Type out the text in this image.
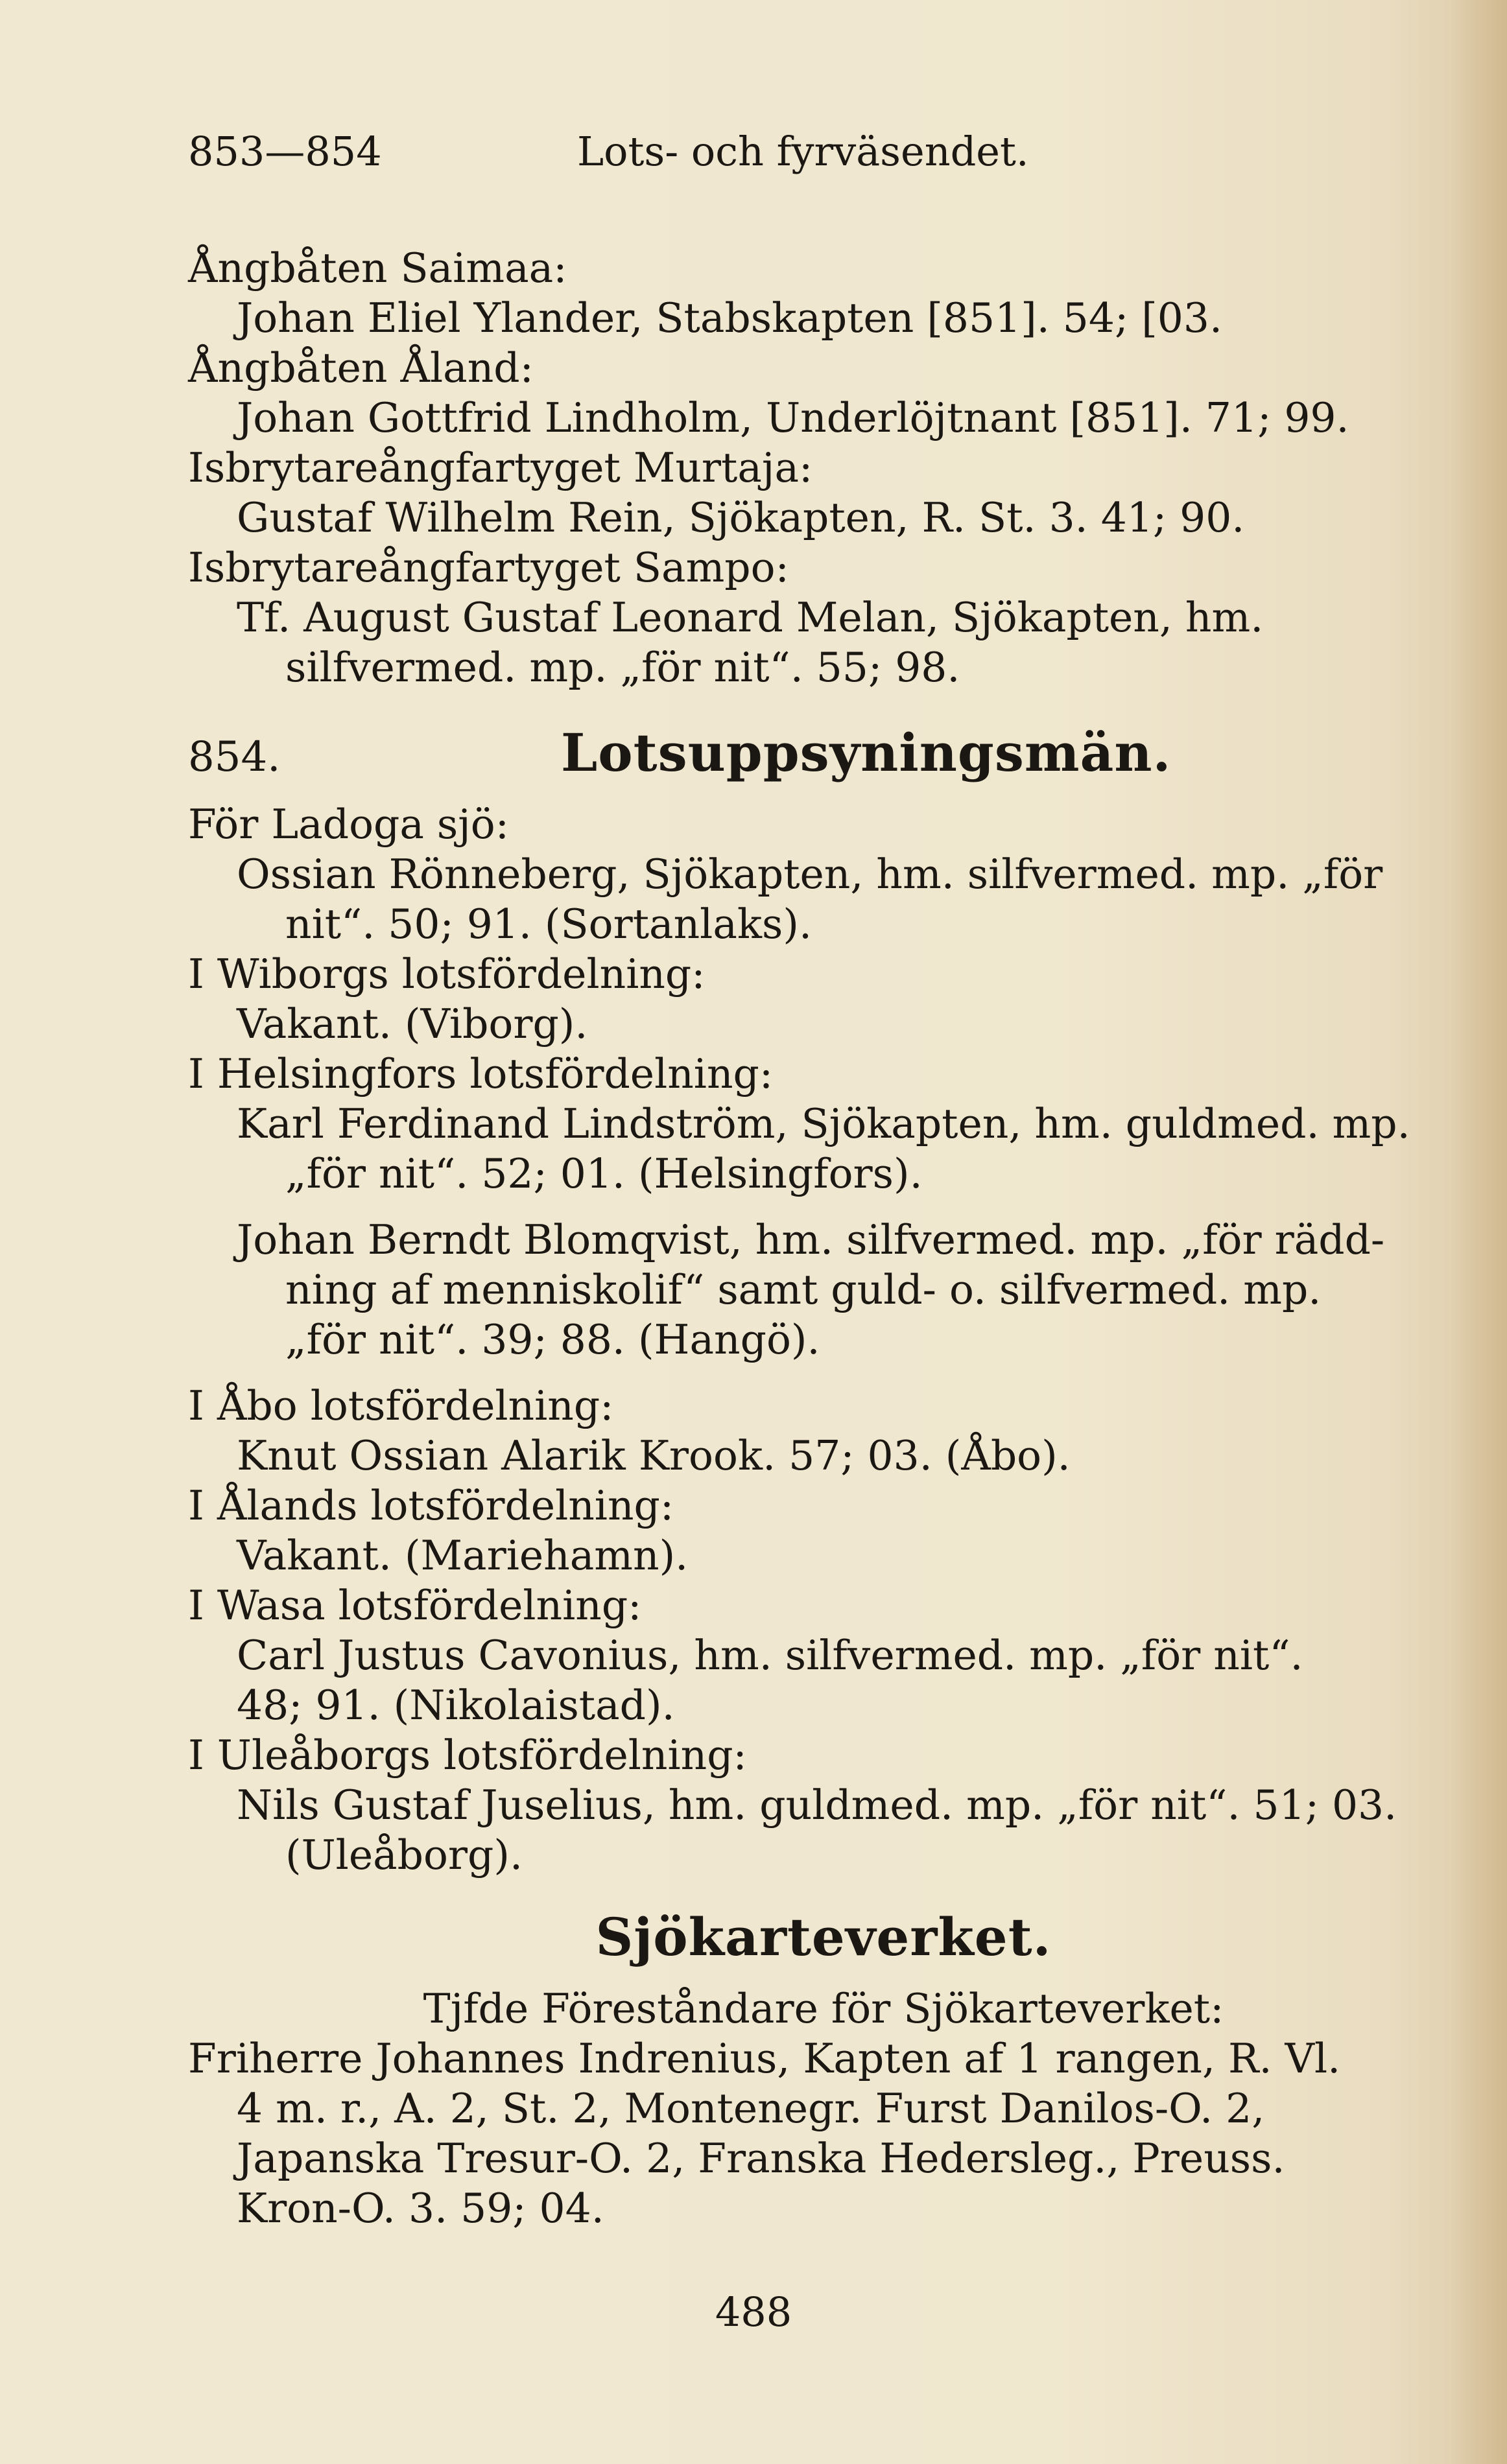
853—854	Lots- och fyrväsendet.
Ångbåten Saimaa:
Johan Eliel Ylander, Stabskapten [851]. 54; [03.
Ångbåten Åland:
Johan Gottfrid Lindholm, Underlöjtnant [851]. 71; 99.
Isbrytareångfartyget Murtaja:
Gustaf Wilhelm Rein, Sjökapten, R. St. 3. 41; 90.
Isbrytareångfartyget Sampo:
Tf. August Gustaf Leonard Melan, Sjökapten, hm.
silfvermed. mp. „för nit“. 55; 98.
854.	Lotsuppsyningsmän.
För Ladoga sjö:
Ossian Rönneberg, Sjökapten, hm. silfvermed. mp. „för
nit“. 50; 91. (Sortanlaks).
I Wiborgs lotsfördelning:
Vakant. (Viborg).
I Helsingfors lotsfördelning:
Karl Ferdinand Lindström, Sjökapten, hm. guldmed. mp.
„för nit“. 52; 01. (Helsingfors).
Johan Berndt Blomqvist, hm. silfvermed. mp. „för rädd-
ning af menniskolif“ samt guld- o. silfvermed. mp.
„för nit“. 39; 88. (Hangö).
I Åbo lotsfördelning:
Knut Ossian Alarik Krook. 57; 03. (Åbo).
I Ålands lotsfördelning:
Vakant. (Mariehamn).
I Wasa lotsfördelning:
Carl Justus Cavonius, hm. silfvermed. mp. „för nit“.
48; 91. (Nikolaistad).
I Uleåborgs lotsfördelning:
Nils Gustaf Juselius, hm. guldmed. mp. „för nit“. 51; 03.
(Uleåborg).
Sjökarteverket.
Tjfde Föreståndare för Sjökarteverket:
Friherre Johannes Indrenius, Kapten af 1 rangen, R. Vl.
4 m. r., A. 2, St. 2, Montenegr. Furst Danilos-O. 2,
Japanska Tresur-O. 2, Franska Hedersleg., Preuss.
Kron-O. 3. 59; 04.
488
